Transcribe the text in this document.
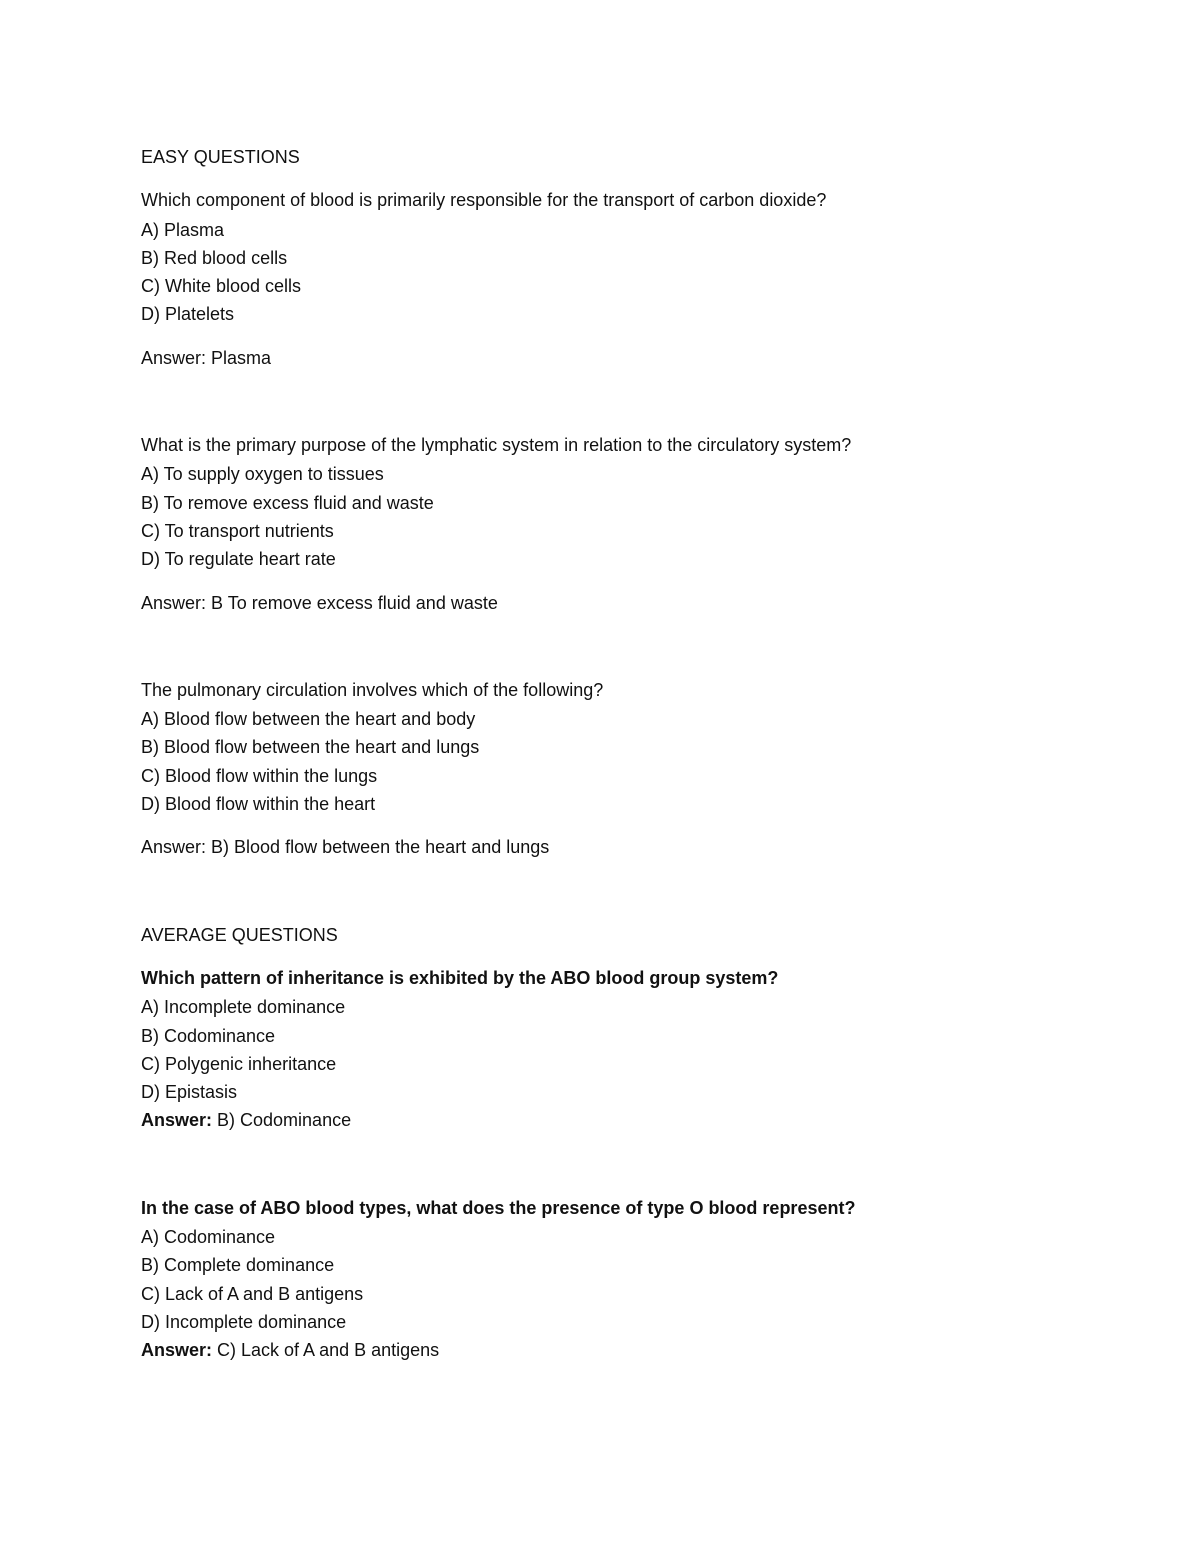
EASY QUESTIONS
Which component of blood is primarily responsible for the transport of carbon dioxide?
A) Plasma
B) Red blood cells
C) White blood cells
D) Platelets
Answer: Plasma
What is the primary purpose of the lymphatic system in relation to the circulatory system?
A) To supply oxygen to tissues
B) To remove excess fluid and waste
C) To transport nutrients
D) To regulate heart rate
Answer: B To remove excess fluid and waste
The pulmonary circulation involves which of the following?
A) Blood flow between the heart and body
B) Blood flow between the heart and lungs
C) Blood flow within the lungs
D) Blood flow within the heart
Answer: B) Blood flow between the heart and lungs
AVERAGE QUESTIONS
Which pattern of inheritance is exhibited by the ABO blood group system?
A) Incomplete dominance
B) Codominance
C) Polygenic inheritance
D) Epistasis
Answer: B) Codominance
In the case of ABO blood types, what does the presence of type O blood represent?
A) Codominance
B) Complete dominance
C) Lack of A and B antigens
D) Incomplete dominance
Answer: C) Lack of A and B antigens
